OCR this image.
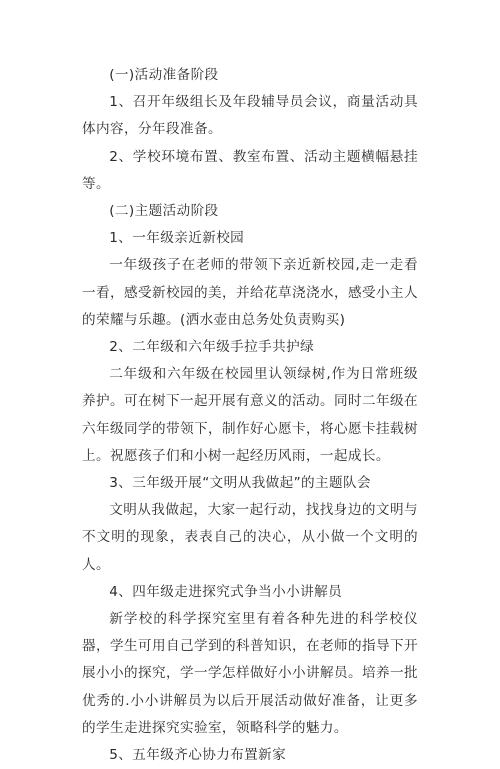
(一)活动准备阶段

1、召开年级组长及年段辅导员会议，商量活动具体内容，分年段准备。

2、学校环境布置、教室布置、活动主题横幅悬挂等。

(二)主题活动阶段

1、一年级亲近新校园

一年级孩子在老师的带领下亲近新校园,走一走看一看，感受新校园的美，并给花草浇浇水，感受小主人的荣耀与乐趣。(洒水壶由总务处负责购买)

2、二年级和六年级手拉手共护绿

二年级和六年级在校园里认领绿树,作为日常班级养护。可在树下一起开展有意义的活动。同时二年级在六年级同学的带领下，制作好心愿卡，将心愿卡挂载树上。祝愿孩子们和小树一起经历风雨，一起成长。

3、三年级开展“文明从我做起”的主题队会

文明从我做起，大家一起行动，找找身边的文明与不文明的现象，表表自己的决心，从小做一个文明的人。

4、四年级走进探究式争当小小讲解员

新学校的科学探究室里有着各种先进的科学校仪器，学生可用自己学到的科普知识，在老师的指导下开展小小的探究，学一学怎样做好小小讲解员。培养一批优秀的.小小讲解员为以后开展活动做好准备，让更多的学生走进探究实验室，领略科学的魅力。

5、五年级齐心协力布置新家
